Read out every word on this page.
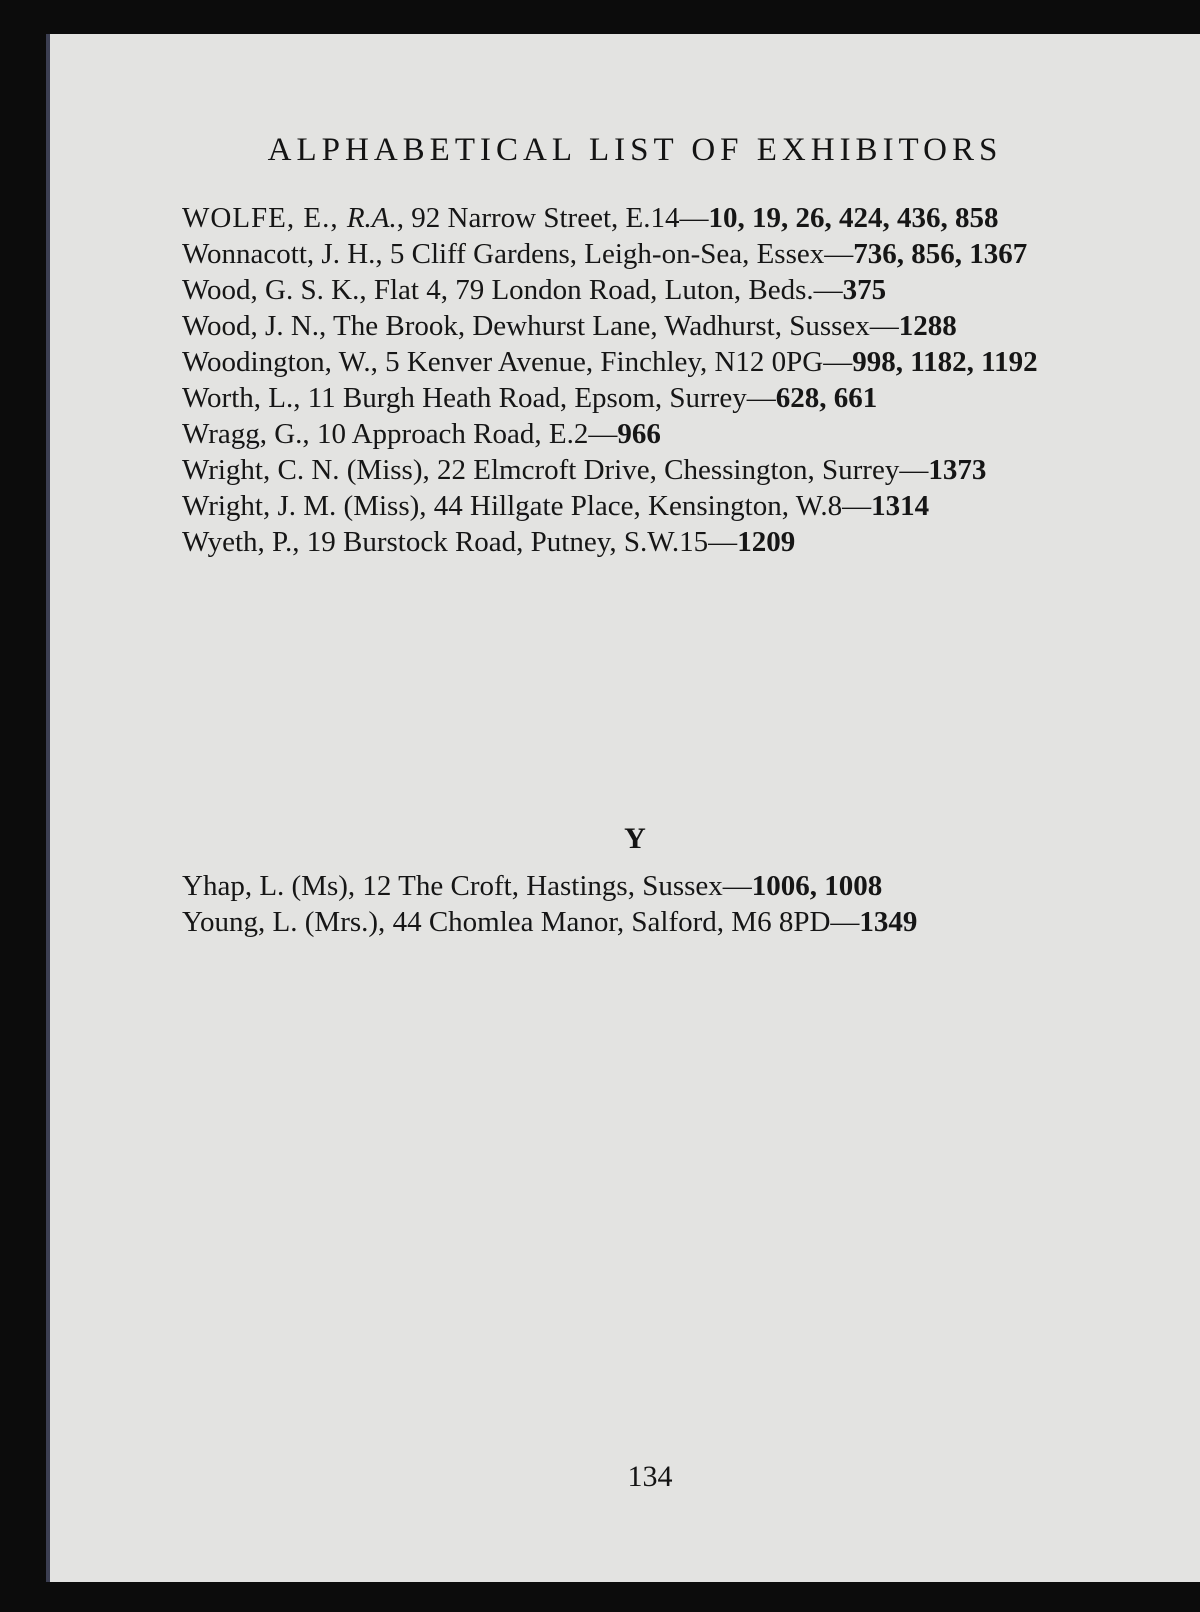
ALPHABETICAL LIST OF EXHIBITORS
WOLFE, E., R.A., 92 Narrow Street, E.14—10, 19, 26, 424, 436, 858
Wonnacott, J. H., 5 Cliff Gardens, Leigh-on-Sea, Essex—736, 856, 1367
Wood, G. S. K., Flat 4, 79 London Road, Luton, Beds.—375
Wood, J. N., The Brook, Dewhurst Lane, Wadhurst, Sussex—1288
Woodington, W., 5 Kenver Avenue, Finchley, N12 0PG—998, 1182, 1192
Worth, L., 11 Burgh Heath Road, Epsom, Surrey—628, 661
Wragg, G., 10 Approach Road, E.2—966
Wright, C. N. (Miss), 22 Elmcroft Drive, Chessington, Surrey—1373
Wright, J. M. (Miss), 44 Hillgate Place, Kensington, W.8—1314
Wyeth, P., 19 Burstock Road, Putney, S.W.15—1209
Y
Yhap, L. (Ms), 12 The Croft, Hastings, Sussex—1006, 1008
Young, L. (Mrs.), 44 Chomlea Manor, Salford, M6 8PD—1349
134
